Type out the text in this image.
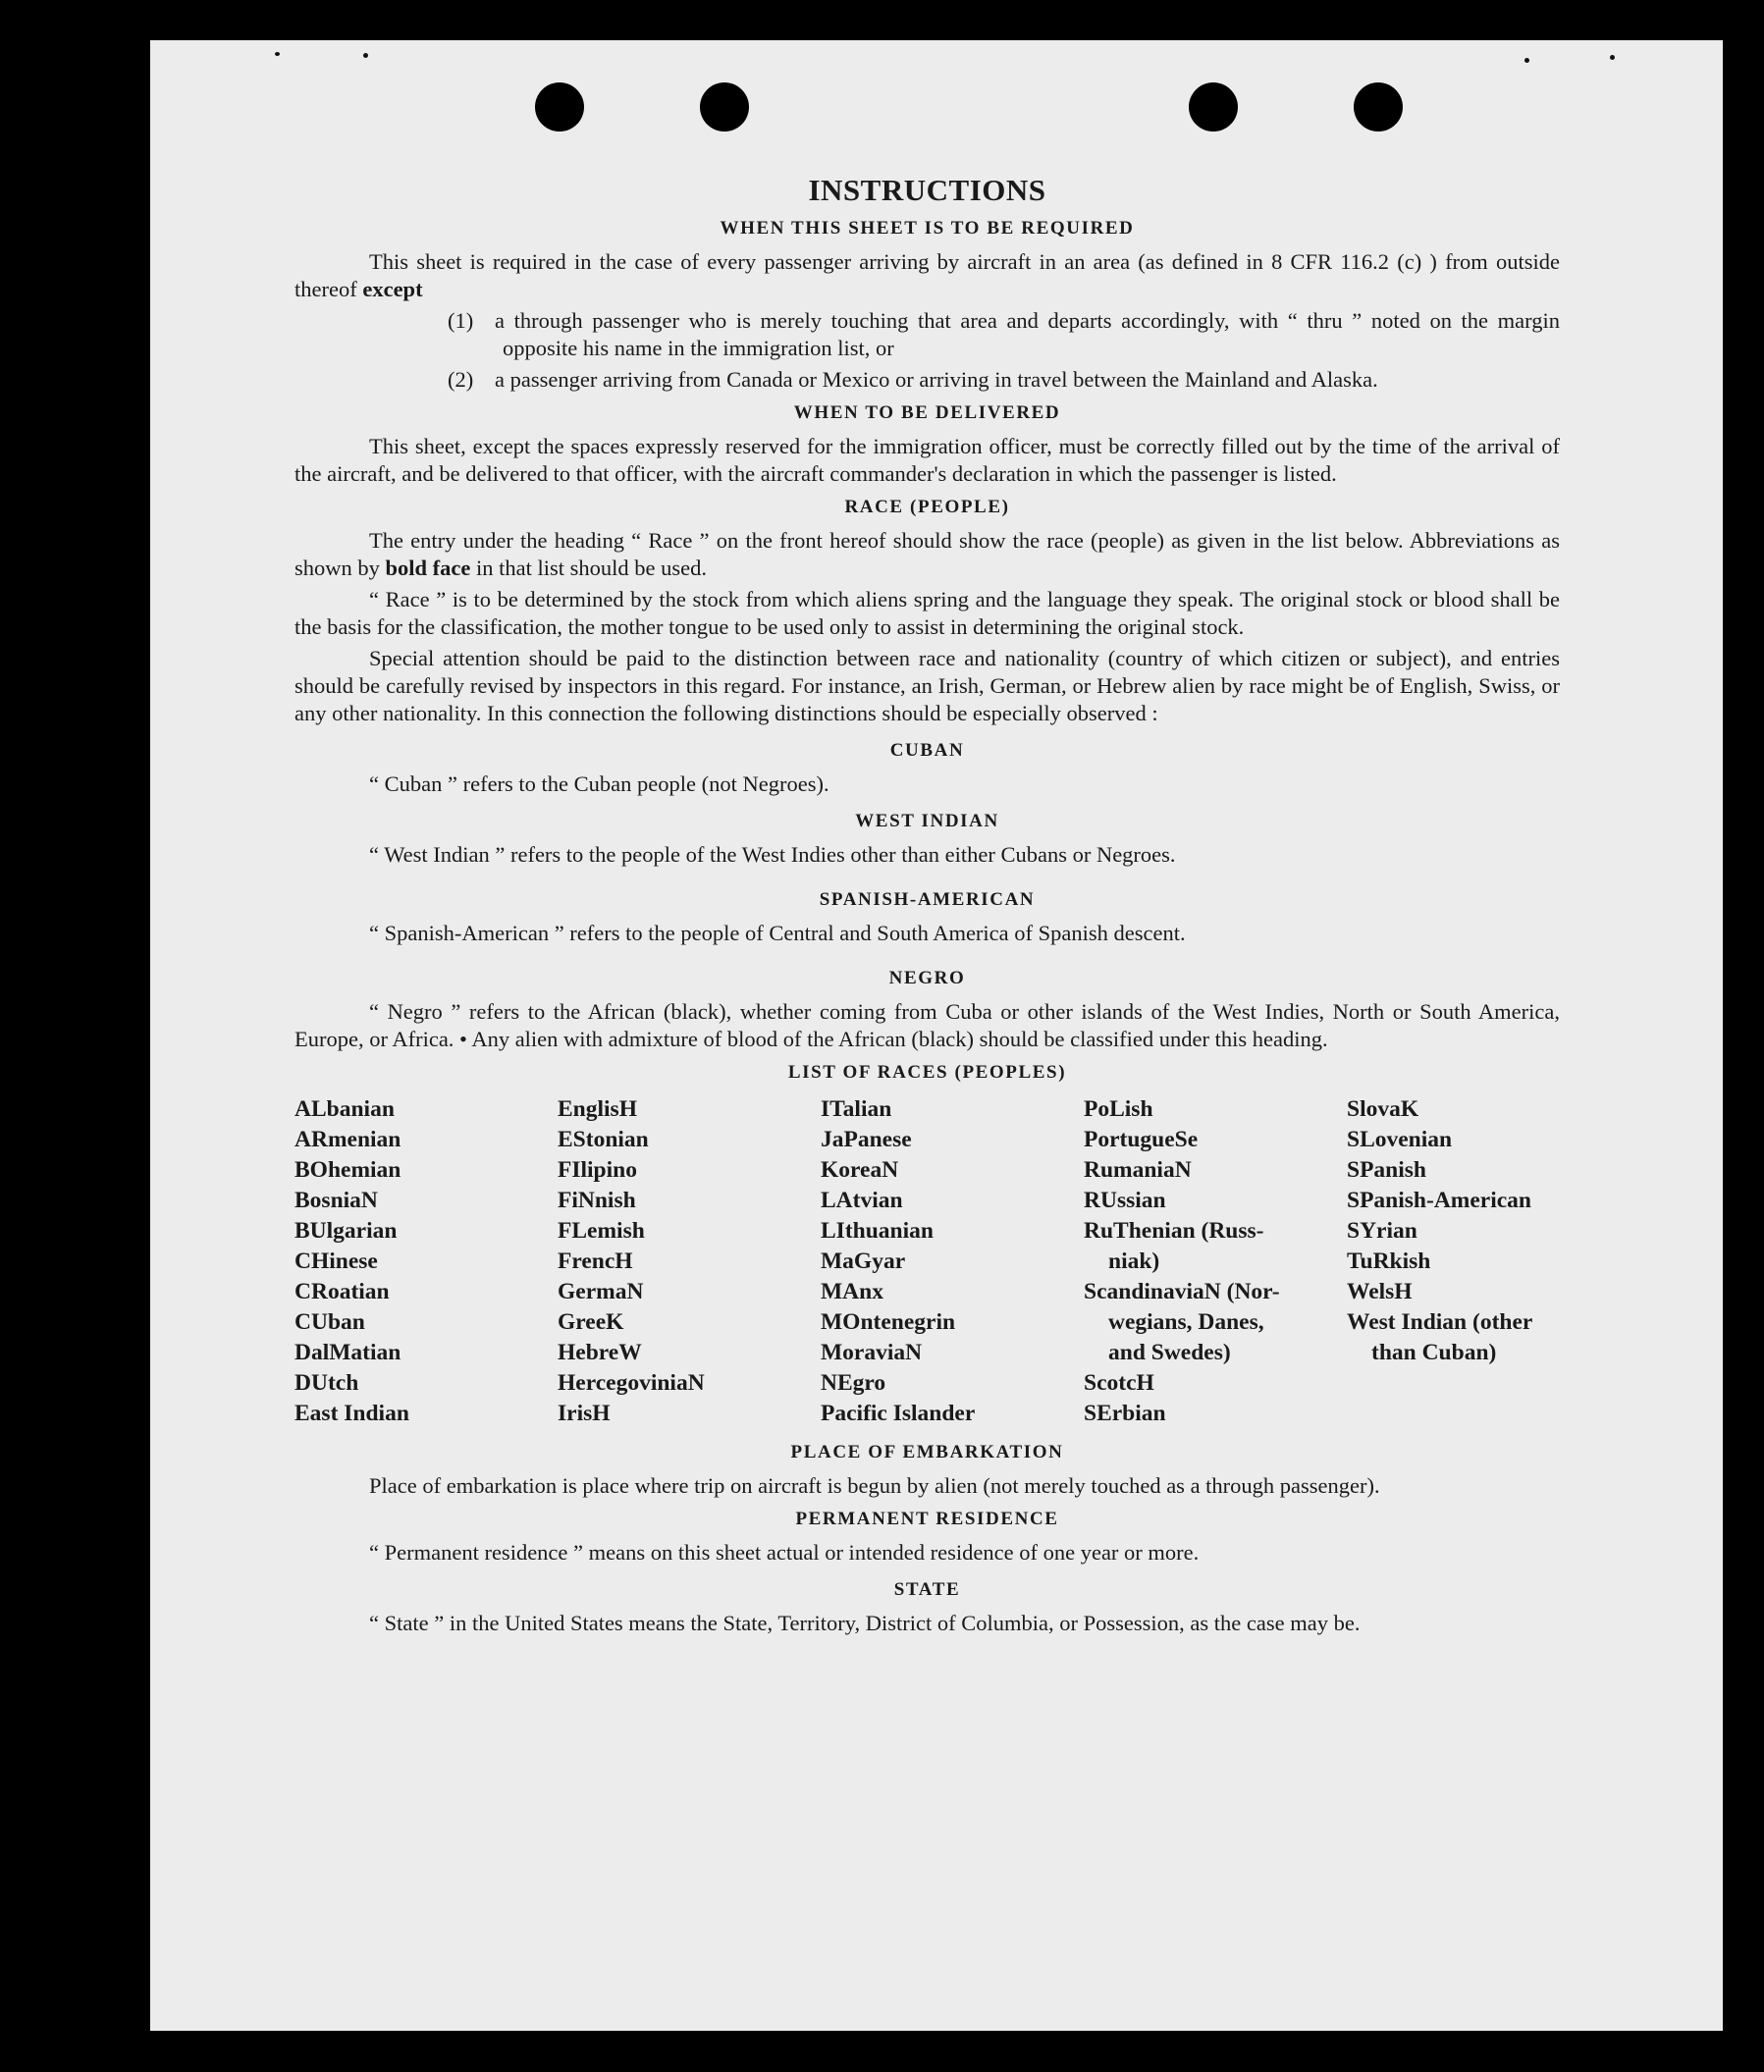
INSTRUCTIONS
WHEN THIS SHEET IS TO BE REQUIRED

This sheet is required in the case of every passenger arriving by aircraft in an area (as defined in 8 CFR 116.2 (c) ) from outside thereof except

(1) a through passenger who is merely touching that area and departs accordingly, with “ thru ” noted on the margin opposite his name in the immigration list, or

(2) a passenger arriving from Canada or Mexico or arriving in travel between the Mainland and Alaska.

WHEN TO BE DELIVERED

This sheet, except the spaces expressly reserved for the immigration officer, must be correctly filled out by the time of the arrival of the aircraft, and be delivered to that officer, with the aircraft commander's declaration in which the passenger is listed.

RACE (PEOPLE)

The entry under the heading “ Race ” on the front hereof should show the race (people) as given in the list below. Abbreviations as shown by bold face in that list should be used.

“ Race ” is to be determined by the stock from which aliens spring and the language they speak. The original stock or blood shall be the basis for the classification, the mother tongue to be used only to assist in determining the original stock.

Special attention should be paid to the distinction between race and nationality (country of which citizen or subject), and entries should be carefully revised by inspectors in this regard. For instance, an Irish, German, or Hebrew alien by race might be of English, Swiss, or any other nationality. In this connection the following distinctions should be especially observed :

CUBAN

“ Cuban ” refers to the Cuban people (not Negroes).

WEST INDIAN

“ West Indian ” refers to the people of the West Indies other than either Cubans or Negroes.

SPANISH-AMERICAN

“ Spanish-American ” refers to the people of Central and South America of Spanish descent.

NEGRO

“ Negro ” refers to the African (black), whether coming from Cuba or other islands of the West Indies, North or South America, Europe, or Africa. • Any alien with admixture of blood of the African (black) should be classified under this heading.

LIST OF RACES (PEOPLES)
ALbanian
ARmenian
BOhemian
BosniaN
BUlgarian
CHinese
CRoatian
CUban
DalMatian
DUtch
East Indian
EnglisH
EStonian
FIlipino
FiNnish
FLemish
FrencH
GermaN
GreeK
HebreW
HercegoviniaN
IrisH
ITalian
JaPanese
KoreaN
LAtvian
LIthuanian
MaGyar
MAnx
MOntenegrin
MoraviaN
NEgro
Pacific Islander
PoLish
PortugueSe
RumaniaN
RUssian
RuThenian (Russ-
niak)
ScandinaviaN (Nor-
wegians, Danes,
and Swedes)
ScotcH
SErbian
SlovaK
SLovenian
SPanish
SPanish-American
SYrian
TuRkish
WelsH
West Indian (other
than Cuban)
PLACE OF EMBARKATION

Place of embarkation is place where trip on aircraft is begun by alien (not merely touched as a through passenger).

PERMANENT RESIDENCE

“ Permanent residence ” means on this sheet actual or intended residence of one year or more.

STATE

“ State ” in the United States means the State, Territory, District of Columbia, or Possession, as the case may be.
